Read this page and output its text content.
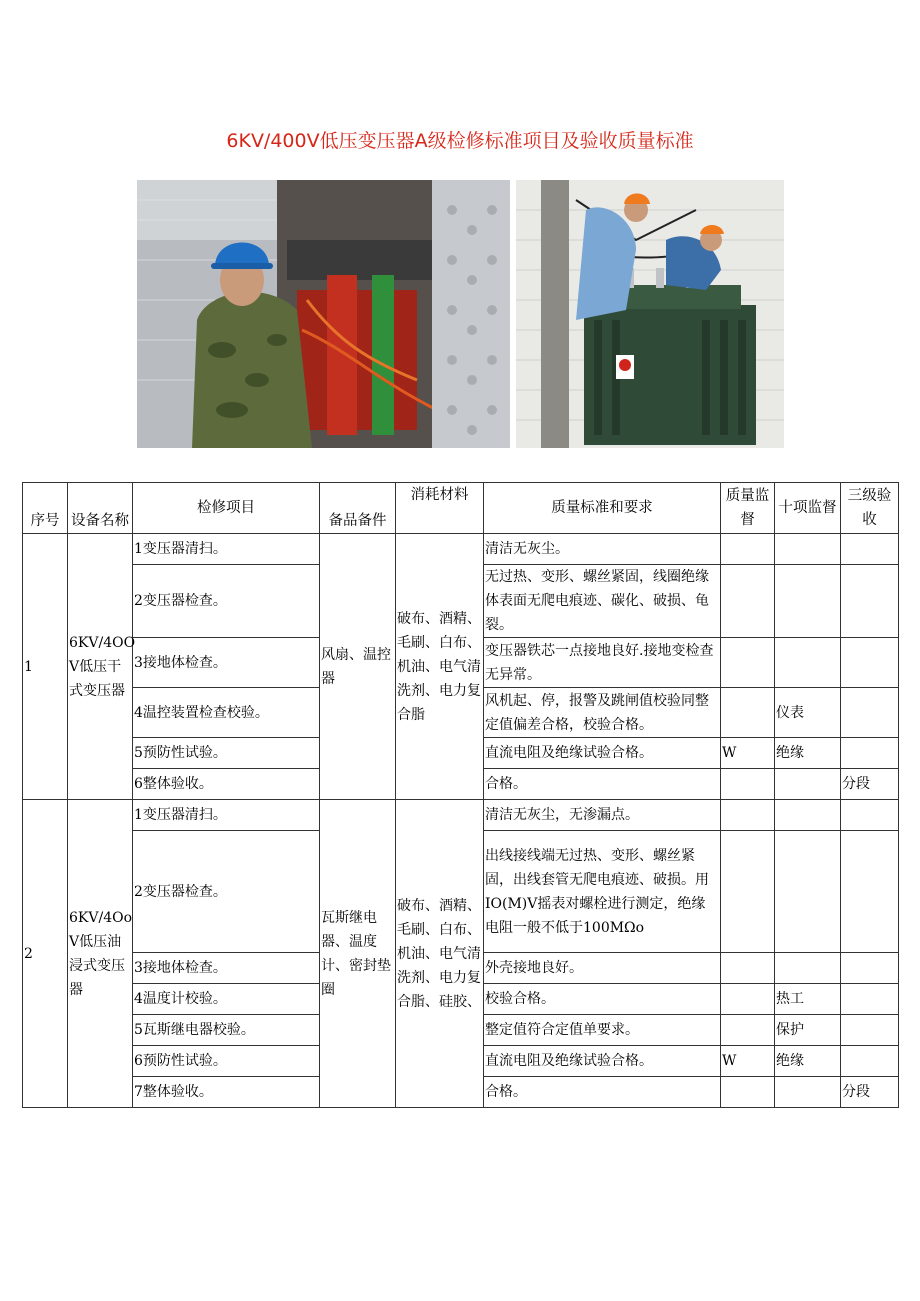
6KV/400V低压变压器A级检修标准项目及验收质量标准
序号	设备名称	检修项目	备品备件	消耗材料	质量标准和要求	质量监督	十项监督	三级验收
1	6KV/4OO V低压干式变压器	1变压器清扫。	风扇、温控器	破布、酒精、毛刷、白布、机油、电气清洗剂、电力复合脂	清洁无灰尘。			
		2变压器检查。			无过热、变形、螺丝紧固，线圈绝缘体表面无爬电痕迹、碳化、破损、龟裂。			
		3接地体检查。			变压器铁芯一点接地良好.接地变检查无异常。			
		4温控装置检查校验。			风机起、停，报警及跳闸值校验同整定值偏差合格，校验合格。		仪表	
		5预防性试验。			直流电阻及绝缘试验合格。	W	绝缘	
		6整体验收。			合格。			分段
2	6KV/4Oo V低压油浸式变压器	1变压器清扫。	瓦斯继电器、温度计、密封垫圈	破布、酒精、毛刷、白布、机油、电气清洗剂、电力复合脂、硅胶、	清洁无灰尘，无渗漏点。			
		2变压器检查。			出线接线端无过热、变形、螺丝紧固，出线套管无爬电痕迹、破损。用IO(M)V摇表对螺栓进行测定，绝缘电阻一般不低于100MΩo			
		3接地体检查。			外壳接地良好。			
		4温度计校验。			校验合格。		热工	
		5瓦斯继电器校验。			整定值符合定值单要求。		保护	
		6预防性试验。			直流电阻及绝缘试验合格。	W	绝缘	
		7整体验收。			合格。			分段
